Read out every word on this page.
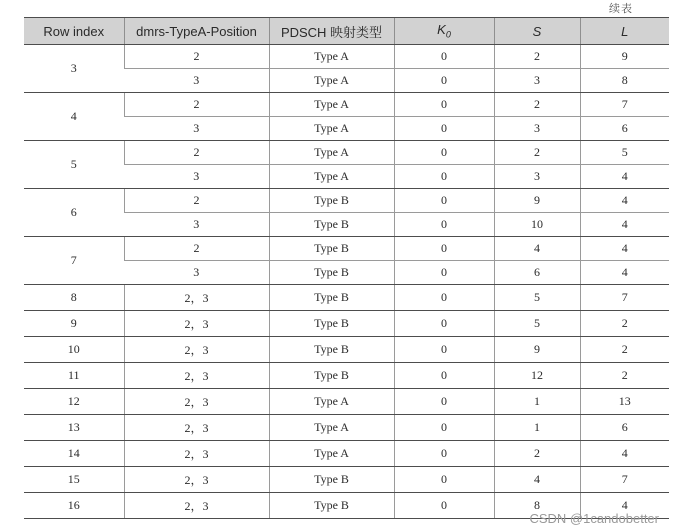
续表
Row index	dmrs-TypeA-Position	PDSCH 映射类型	$K_0$	S	L
3	2	Type A	0	2	9
	3	Type A	0	3	8
4	2	Type A	0	2	7
	3	Type A	0	3	6
5	2	Type A	0	2	5
	3	Type A	0	3	4
6	2	Type B	0	9	4
	3	Type B	0	10	4
7	2	Type B	0	4	4
	3	Type B	0	6	4
8	2，3	Type B	0	5	7
9	2，3	Type B	0	5	2
10	2，3	Type B	0	9	2
11	2，3	Type B	0	12	2
12	2，3	Type A	0	1	13
13	2，3	Type A	0	1	6
14	2，3	Type A	0	2	4
15	2，3	Type B	0	4	7
16	2，3	Type B	0	8	4
CSDN @1candobetter
